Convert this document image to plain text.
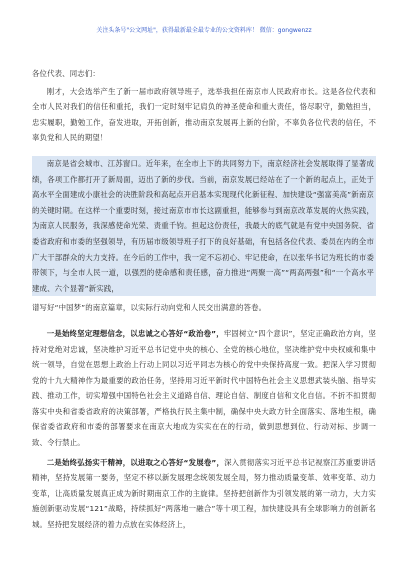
关注头条号"公文网址"，获得最新最全最专业的公文资料库！ 微信：gongwenzz

各位代表、同志们：

刚才，大会选举产生了新一届市政府领导班子，选举我担任南京市人民政府市长。这是各位代表和全市人民对我们的信任和重托，我们一定时刻牢记肩负的神圣使命和重大责任，恪尽职守，勤勉担当，忠实履职，勤勉工作，奋发进取，开拓创新，推动南京发展再上新的台阶，不辜负各位代表的信任，不辜负党和人民的期望！

南京是省会城市、江苏窗口。近年来，在全市上下的共同努力下，南京经济社会发展取得了显著成绩，各项工作都打开了新局面，迈出了新的步伐。当前，南京发展已经站在了一个新的起点上，正处于高水平全面建成小康社会的决胜阶段和高起点开启基本实现现代化新征程、加快建设“强富美高”新南京的关键时期。在这样一个重要时刻，接过南京市市长这副重担，能够参与到南京改革发展的火热实践，为南京人民服务，我深感使命光荣、责重千钧。担起这份责任，我最大的底气就是有党中央国务院、省委省政府和市委的坚强领导，有历届市级领导班子打下的良好基础，有包括各位代表、委员在内的全市广大干部群众的大力支持。在今后的工作中，我一定不忘初心、牢记使命，在以张华书记为班长的市委带领下，与全市人民一道，以强烈的使命感和责任感，奋力推进“两聚一高”“两高两强”和“一个高水平建成、六个显著”新实践，

谱写好“中国梦”的南京篇章，以实际行动向党和人民交出满意的答卷。

一是始终坚定理想信念，以忠诚之心答好“政治卷”，牢固树立“四个意识”，坚定正确政治方向，坚持对党绝对忠诚，坚决维护习近平总书记党中央的核心、全党的核心地位，坚决维护党中央权威和集中统一领导，自觉在思想上政治上行动上同以习近平同志为核心的党中央保持高度一致。把深入学习贯彻党的十九大精神作为最重要的政治任务，坚持用习近平新时代中国特色社会主义思想武装头脑、指导实践、推动工作，切实增强中国特色社会主义道路自信、理论自信、制度自信和文化自信。不折不扣贯彻落实中央和省委省政府的决策部署，严格执行民主集中制，确保中央大政方针全面落实、落地生根，确保省委省政府和市委的部署要求在南京大地成为实实在在的行动，做到思想到位、行动对标、步调一致、令行禁止。

二是始终弘扬实干精神，以进取之心答好“发展卷”，深入贯彻落实习近平总书记视察江苏重要讲话精神，坚持发展第一要务，坚定不移以新发展理念统领发展全局，努力推动质量变革、效率变革、动力变革，让高质量发展真正成为新时期南京工作的主旋律。坚持把创新作为引领发展的第一动力，大力实施创新驱动发展“121”战略，持续抓好“两落地一融合”等十项工程，加快建设具有全球影响力的创新名城。坚持把发展经济的着力点放在实体经济上，
